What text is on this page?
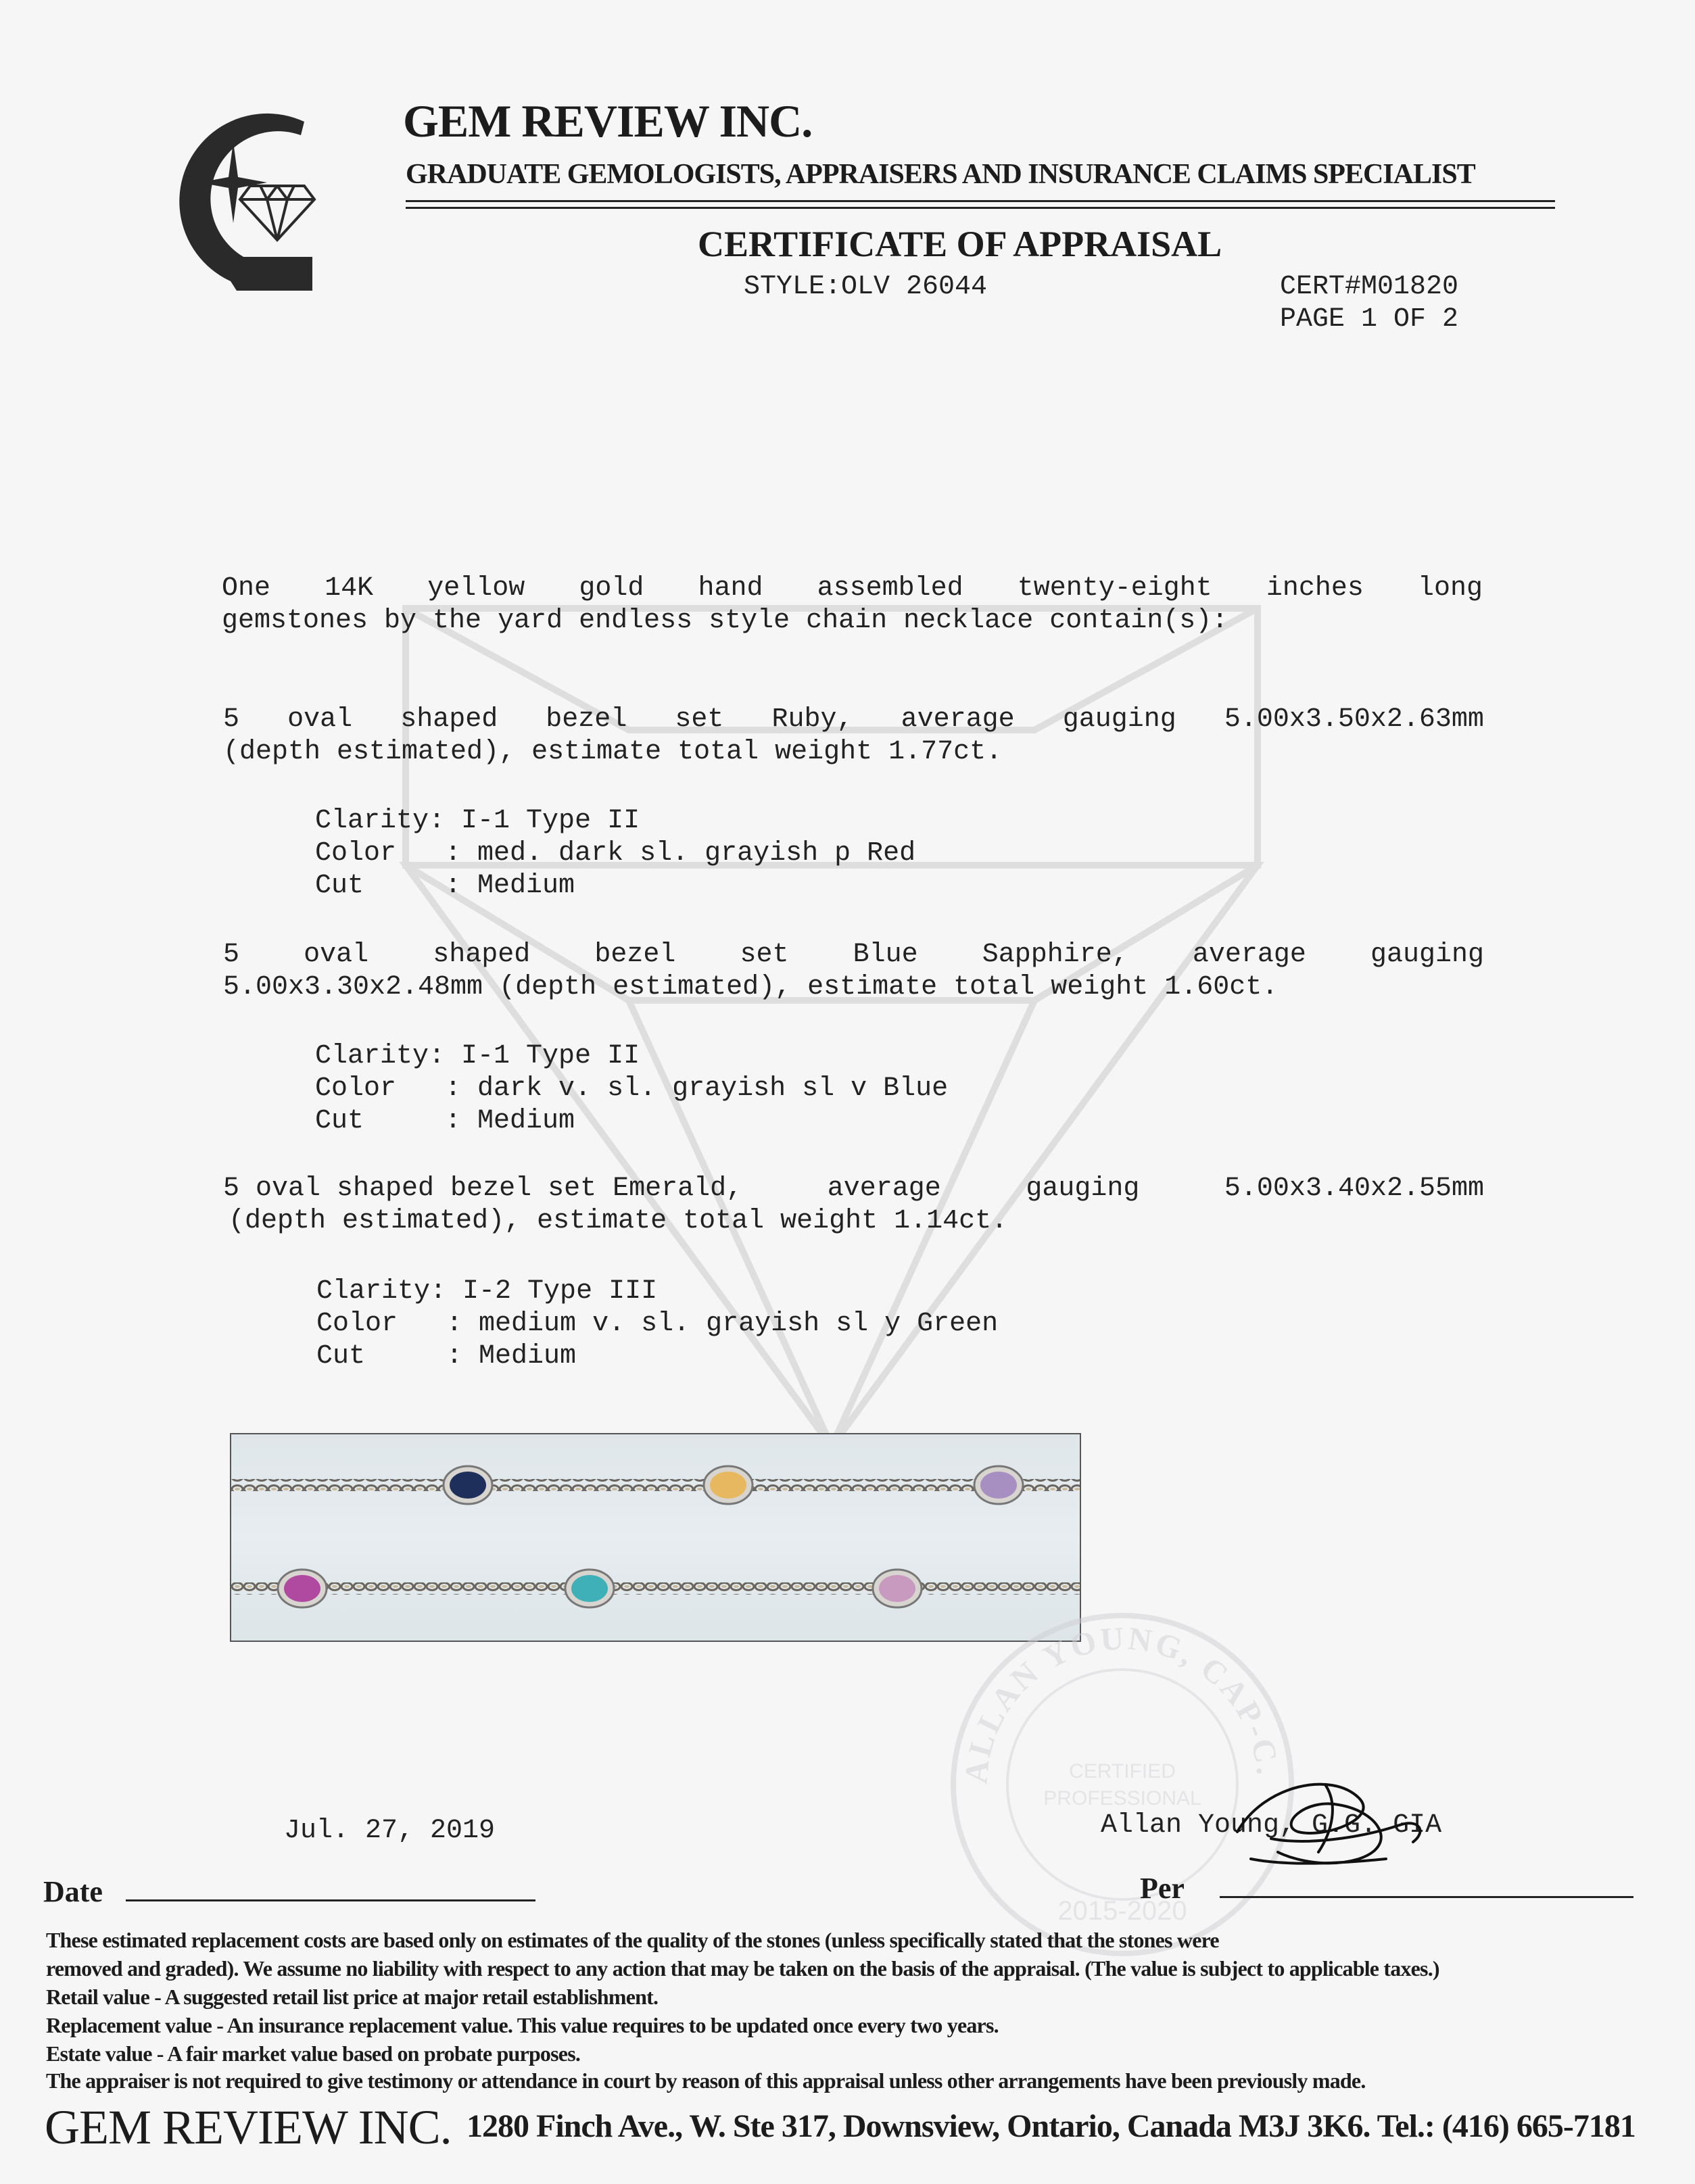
GEM REVIEW INC.
GRADUATE GEMOLOGISTS, APPRAISERS AND INSURANCE CLAIMS SPECIALIST
CERTIFICATE OF APPRAISAL
STYLE:OLV 26044	CERT#M01820
PAGE 1 OF 2
One 14K yellow gold hand assembled twenty-eight inches long
gemstones by the yard endless style chain necklace contain(s):
5 oval shaped bezel set Ruby, average gauging 5.00x3.50x2.63mm
(depth estimated), estimate total weight 1.77ct.
Clarity: I-1 Type II
Color   : med. dark sl. grayish p Red
Cut     : Medium
5 oval shaped bezel set Blue Sapphire, average gauging
5.00x3.30x2.48mm (depth estimated), estimate total weight 1.60ct.
Clarity: I-1 Type II
Color   : dark v. sl. grayish sl v Blue
Cut     : Medium
5 oval shaped bezel set Emerald,	average	gauging	5.00x3.40x2.55mm
(depth estimated), estimate total weight 1.14ct.
Clarity: I-2 Type III
Color   : medium v. sl. grayish sl y Green
Cut     : Medium
ALLAN YOUNG, CAP-C.
CERTIFIED
PROFESSIONAL
2015-2020
Jul. 27, 2019	Allan Young, G.G. GIA
Date	Per
These estimated replacement costs are based only on estimates of the quality of the stones (unless specifically stated that the stones were
removed and graded). We assume no liability with respect to any action that may be taken on the basis of the appraisal. (The value is subject to applicable taxes.)
Retail value - A suggested retail list price at major retail establishment.
Replacement value - An insurance replacement value. This value requires to be updated once every two years.
Estate value - A fair market value based on probate purposes.
The appraiser is not required to give testimony or attendance in court by reason of this appraisal unless other arrangements have been previously made.
GEM REVIEW INC. 1280 Finch Ave., W. Ste 317, Downsview, Ontario, Canada M3J 3K6. Tel.: (416) 665-7181
